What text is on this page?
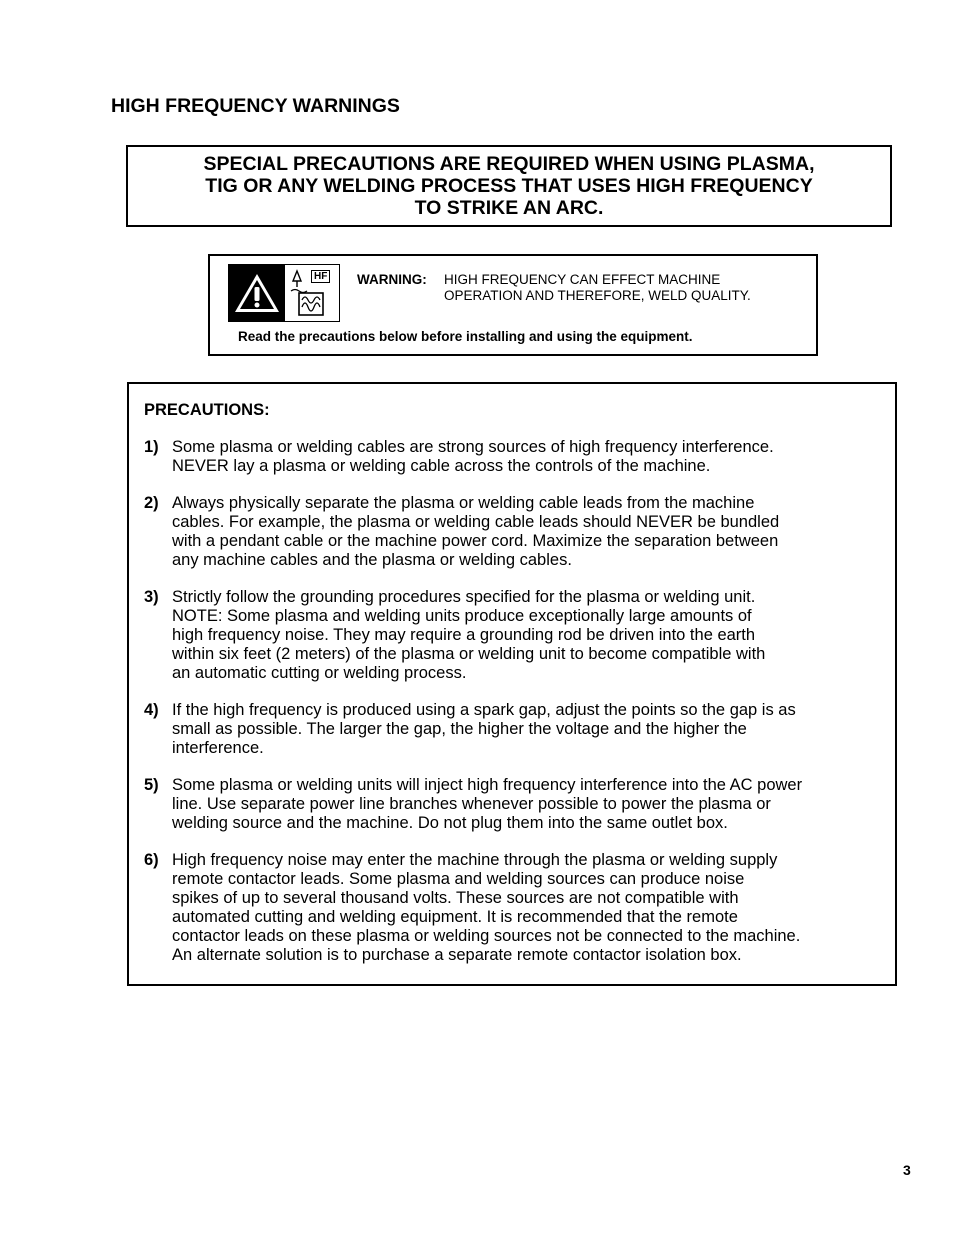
HIGH FREQUENCY WARNINGS
SPECIAL PRECAUTIONS ARE REQUIRED WHEN USING PLASMA,
TIG OR ANY WELDING PROCESS THAT USES HIGH FREQUENCY
TO STRIKE AN ARC.
HF WARNING: HIGH FREQUENCY CAN EFFECT MACHINE
OPERATION AND THEREFORE, WELD QUALITY.
Read the precautions below before installing and using the equipment.
PRECAUTIONS:
1) Some plasma or welding cables are strong sources of high frequency interference.
NEVER lay a plasma or welding cable across the controls of the machine.
2) Always physically separate the plasma or welding cable leads from the machine
cables. For example, the plasma or welding cable leads should NEVER be bundled
with a pendant cable or the machine power cord. Maximize the separation between
any machine cables and the plasma or welding cables.
3) Strictly follow the grounding procedures specified for the plasma or welding unit.
NOTE: Some plasma and welding units produce exceptionally large amounts of
high frequency noise. They may require a grounding rod be driven into the earth
within six feet (2 meters) of the plasma or welding unit to become compatible with
an automatic cutting or welding process.
4) If the high frequency is produced using a spark gap, adjust the points so the gap is as
small as possible. The larger the gap, the higher the voltage and the higher the
interference.
5) Some plasma or welding units will inject high frequency interference into the AC power
line. Use separate power line branches whenever possible to power the plasma or
welding source and the machine. Do not plug them into the same outlet box.
6) High frequency noise may enter the machine through the plasma or welding supply
remote contactor leads. Some plasma and welding sources can produce noise
spikes of up to several thousand volts. These sources are not compatible with
automated cutting and welding equipment. It is recommended that the remote
contactor leads on these plasma or welding sources not be connected to the machine.
An alternate solution is to purchase a separate remote contactor isolation box.
3
